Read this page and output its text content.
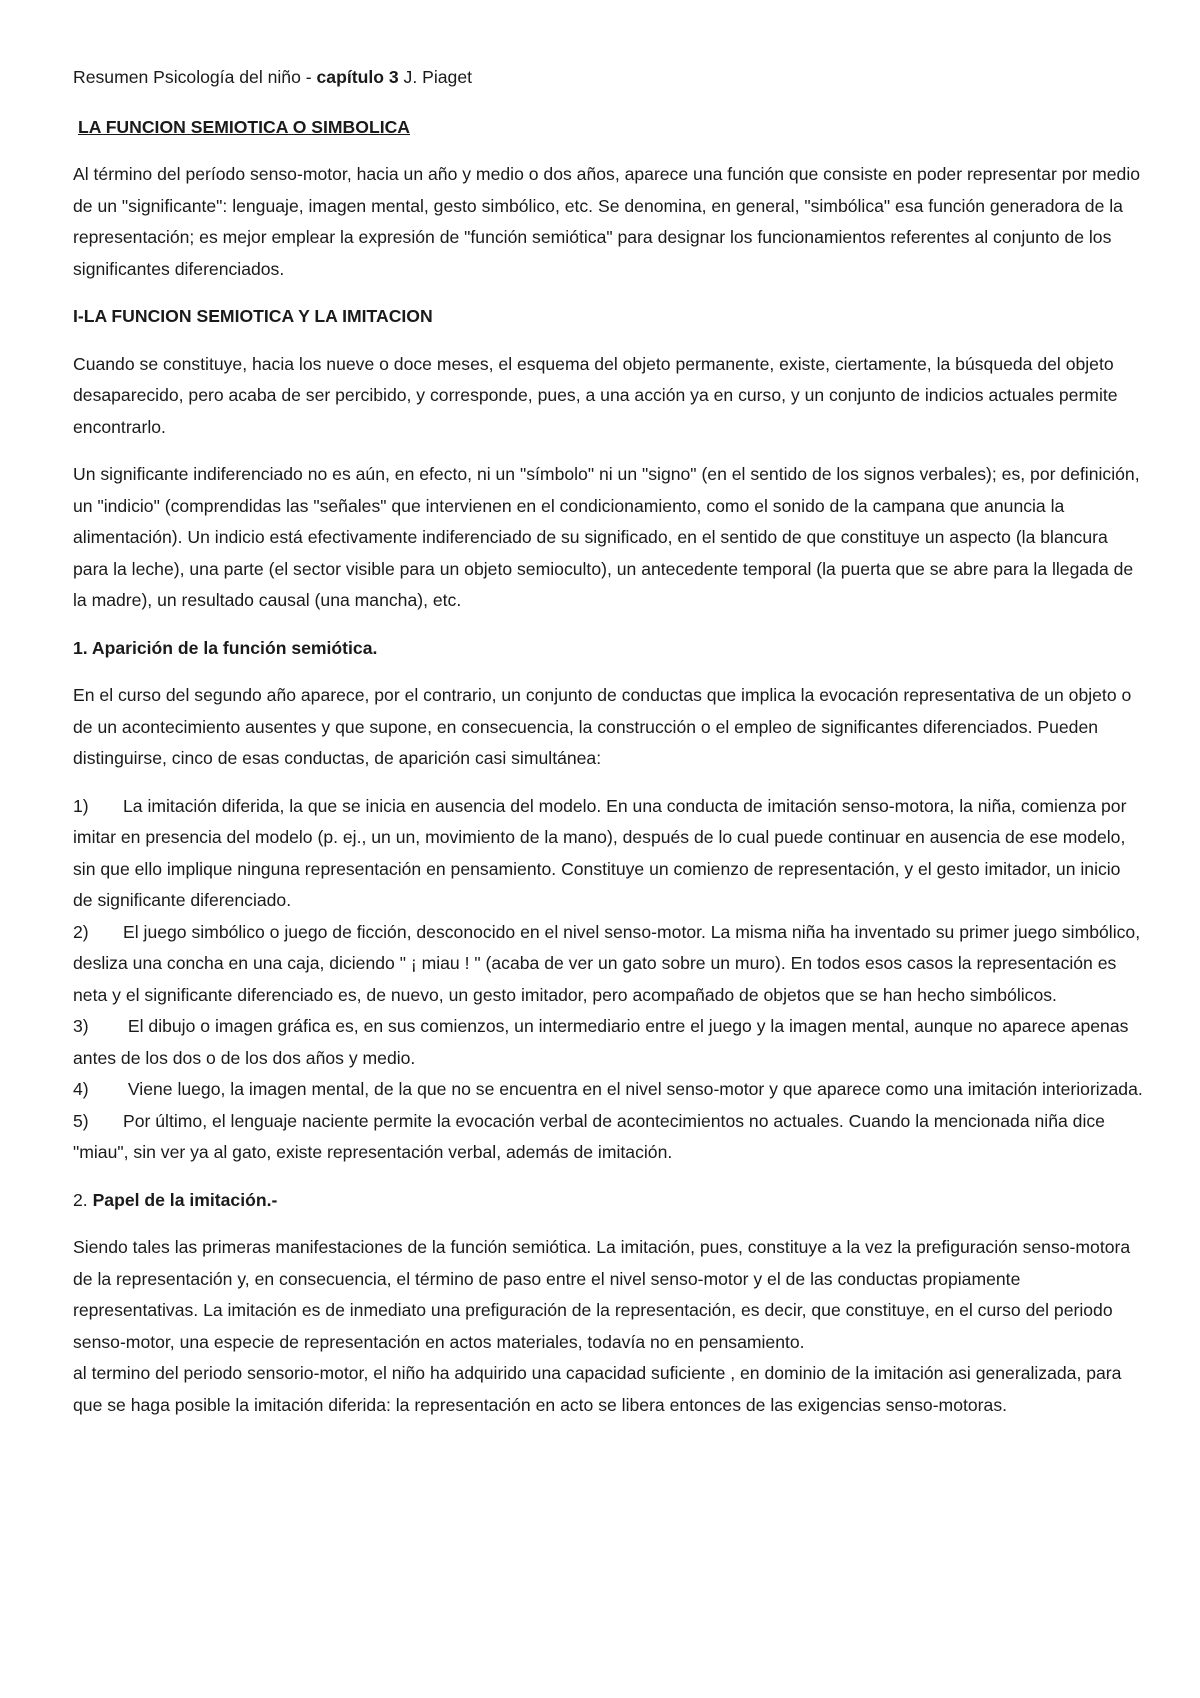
Resumen Psicología del niño - capítulo 3 J. Piaget

LA FUNCION SEMIOTICA O SIMBOLICA

Al término del período senso-motor, hacia un año y medio o dos años, aparece una función que consiste en poder representar por medio de un "significante": lenguaje, imagen mental, gesto simbólico, etc. Se denomina, en general, "simbólica" esa función generadora de la representación; es mejor emplear la expresión de "función semiótica" para designar los funcionamientos referentes al conjunto de los significantes diferenciados.

I-LA FUNCION SEMIOTICA Y LA IMITACION

Cuando se constituye, hacia los nueve o doce meses, el esquema del objeto permanente, existe, ciertamente, la búsqueda del objeto desaparecido, pero acaba de ser percibido, y corresponde, pues, a una acción ya en curso, y un conjunto de indicios actuales permite encontrarlo.

Un significante indiferenciado no es aún, en efecto, ni un "símbolo" ni un "signo" (en el sentido de los signos verbales); es, por definición, un "indicio" (comprendidas las "señales" que intervienen en el condicionamiento, como el sonido de la campana que anuncia la alimentación). Un indicio está efectivamente indiferenciado de su significado, en el sentido de que constituye un aspecto (la blancura para la leche), una parte (el sector visible para un objeto semioculto), un antecedente temporal (la puerta que se abre para la llegada de la madre), un resultado causal (una mancha), etc.

1. Aparición de la función semiótica.

En el curso del segundo año aparece, por el contrario, un conjunto de conductas que implica la evocación representativa de un objeto o de un acontecimiento ausentes y que supone, en consecuencia, la construcción o el empleo de significantes diferenciados. Pueden distinguirse, cinco de esas conductas, de aparición casi simultánea:

1) La imitación diferida, la que se inicia en ausencia del modelo. En una conducta de imitación senso-motora, la niña, comienza por imitar en presencia del modelo (p. ej., un un, movimiento de la mano), después de lo cual puede continuar en ausencia de ese modelo, sin que ello implique ninguna representación en pensamiento. Constituye un comienzo de representación, y el gesto imitador, un inicio de significante diferenciado.

2) El juego simbólico o juego de ficción, desconocido en el nivel senso-motor. La misma niña ha inventado su primer juego simbólico, desliza una concha en una caja, diciendo " ¡ miau ! " (acaba de ver un gato sobre un muro). En todos esos casos la representación es neta y el significante diferenciado es, de nuevo, un gesto imitador, pero acompañado de objetos que se han hecho simbólicos.

3) El dibujo o imagen gráfica es, en sus comienzos, un intermediario entre el juego y la imagen mental, aunque no aparece apenas antes de los dos o de los dos años y medio.

4) Viene luego, la imagen mental, de la que no se encuentra en el nivel senso-motor y que aparece como una imitación interiorizada.

5) Por último, el lenguaje naciente permite la evocación verbal de acontecimientos no actuales. Cuando la mencionada niña dice "miau", sin ver ya al gato, existe representación verbal, además de imitación.

2. Papel de la imitación.-

Siendo tales las primeras manifestaciones de la función semiótica. La imitación, pues, constituye a la vez la prefiguración senso-motora de la representación y, en consecuencia, el término de paso entre el nivel senso-motor y el de las conductas propiamente representativas. La imitación es de inmediato una prefiguración de la representación, es decir, que constituye, en el curso del periodo senso-motor, una especie de representación en actos materiales, todavía no en pensamiento.

al termino del periodo sensorio-motor, el niño ha adquirido una capacidad suficiente , en dominio de la imitación asi generalizada, para que se haga posible la imitación diferida: la representación en acto se libera entonces de las exigencias senso-motoras.
